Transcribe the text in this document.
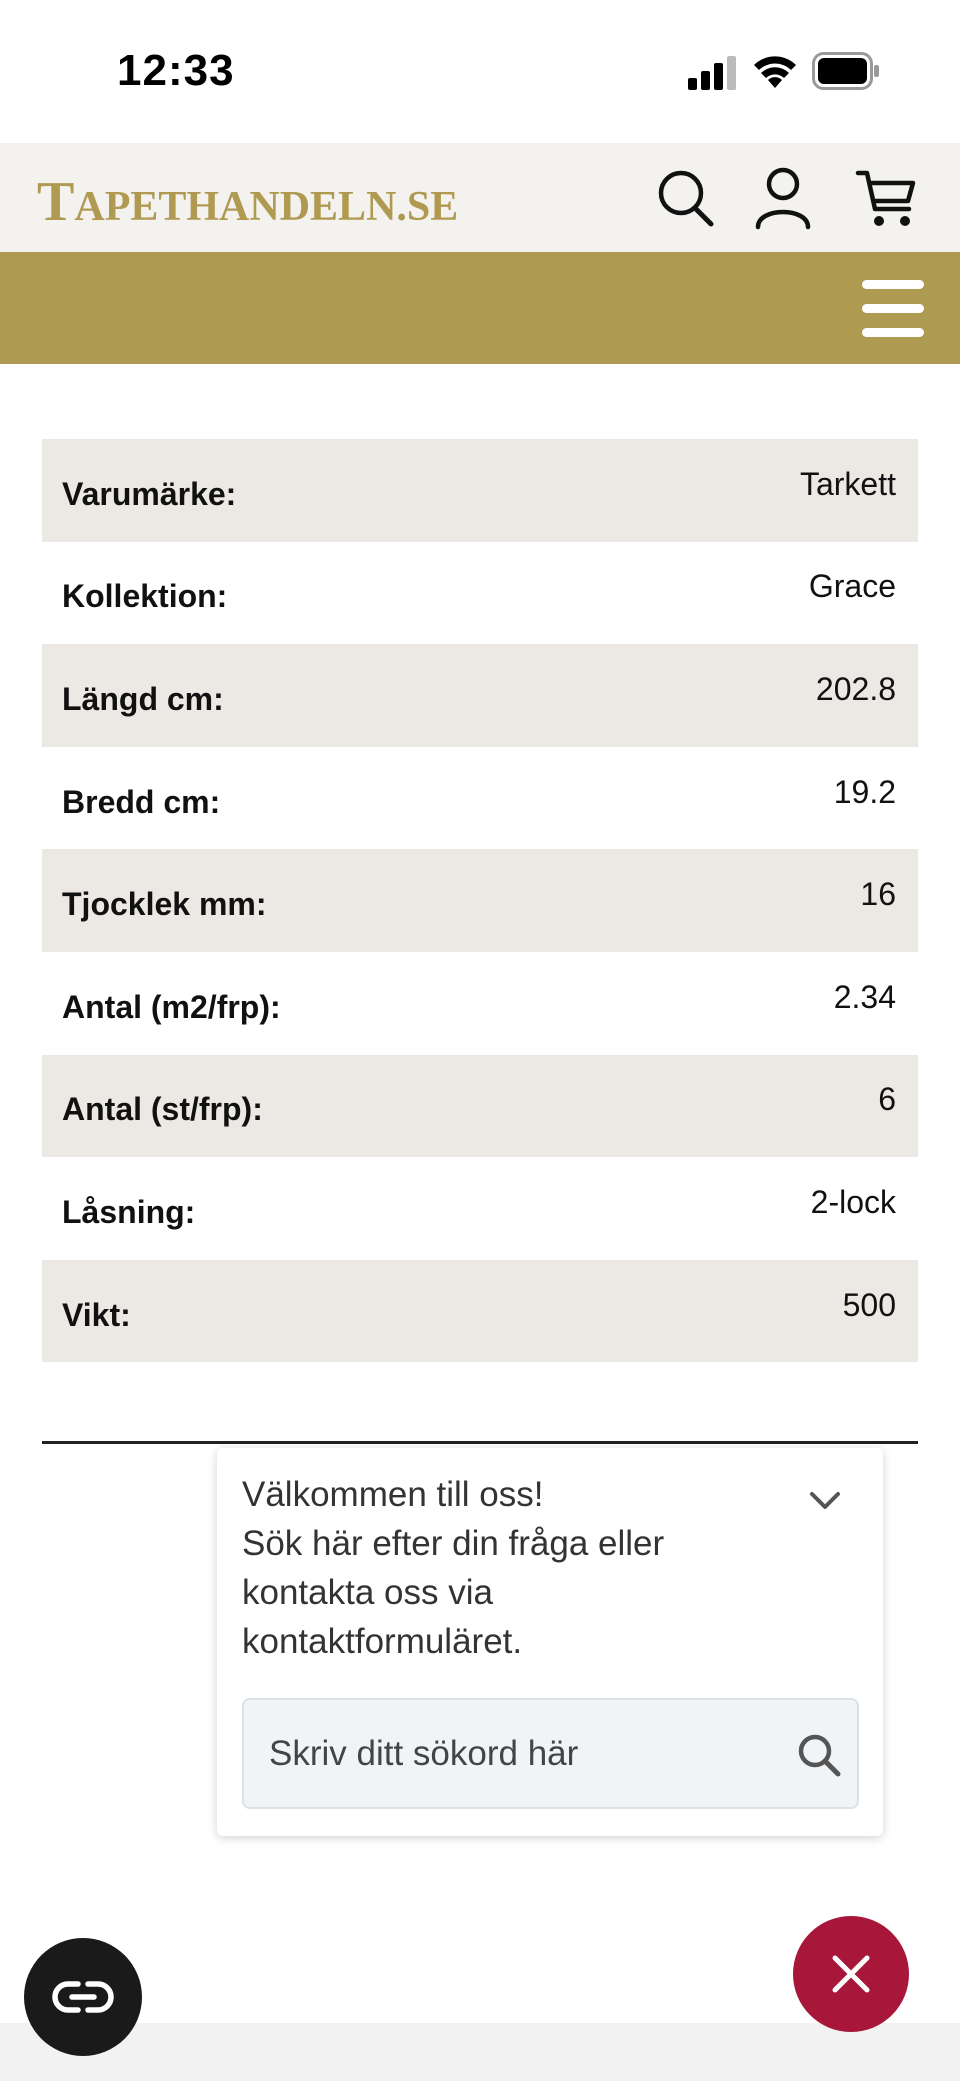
12:33
TAPETHANDELN.SE
Varumärke:	Tarkett
Kollektion:	Grace
Längd cm:	202.8
Bredd cm:	19.2
Tjocklek mm:	16
Antal (m2/frp):	2.34
Antal (st/frp):	6
Låsning:	2-lock
Vikt:	500
Välkommen till oss!
Sök här efter din fråga eller
kontakta oss via
kontaktformuläret.
Skriv ditt sökord här
